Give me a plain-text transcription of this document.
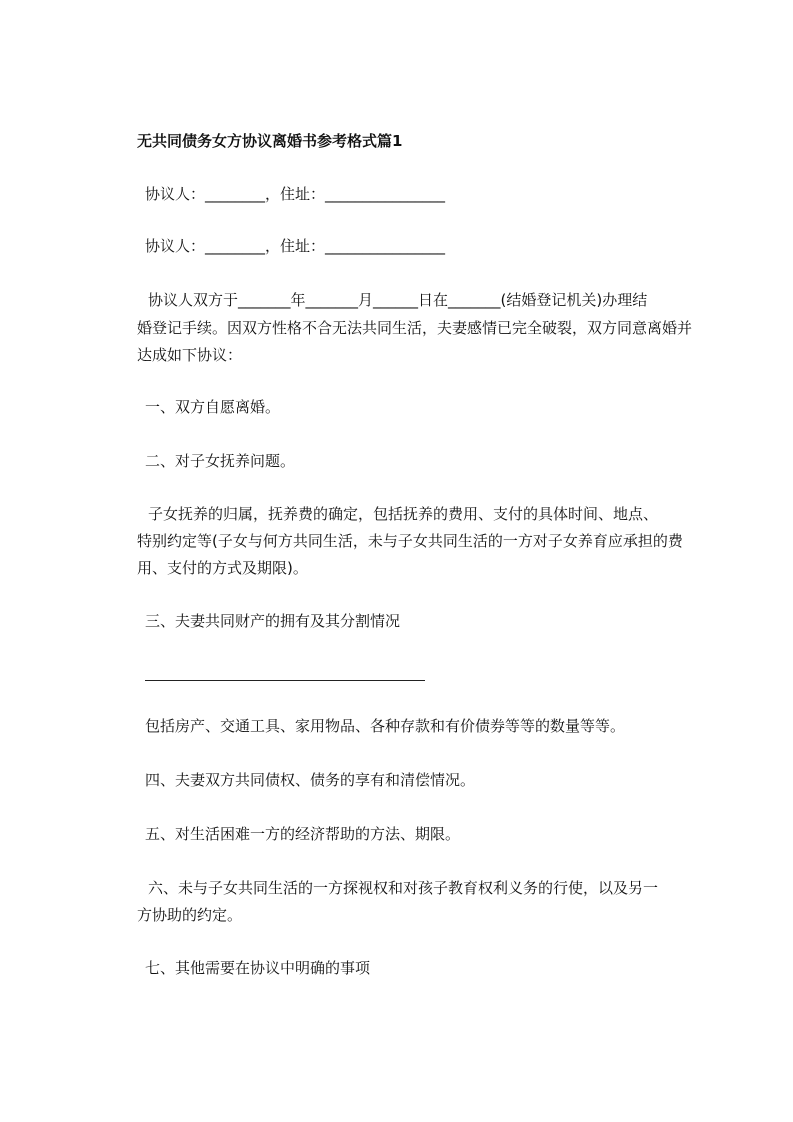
无共同债务女方协议离婚书参考格式篇1
协议人：________，住址：________________
协议人：________，住址：________________
协议人双方于_______年_______月______日在_______(结婚登记机关)办理结
婚登记手续。因双方性格不合无法共同生活，夫妻感情已完全破裂，双方同意离婚并
达成如下协议：
一、双方自愿离婚。
二、对子女抚养问题。
子女抚养的归属，抚养费的确定，包括抚养的费用、支付的具体时间、地点、
特别约定等(子女与何方共同生活，未与子女共同生活的一方对子女养育应承担的费
用、支付的方式及期限)。
三、夫妻共同财产的拥有及其分割情况
包括房产、交通工具、家用物品、各种存款和有价债券等等的数量等等。
四、夫妻双方共同债权、债务的享有和清偿情况。
五、对生活困难一方的经济帮助的方法、期限。
六、未与子女共同生活的一方探视权和对孩子教育权利义务的行使，以及另一
方协助的约定。
七、其他需要在协议中明确的事项
